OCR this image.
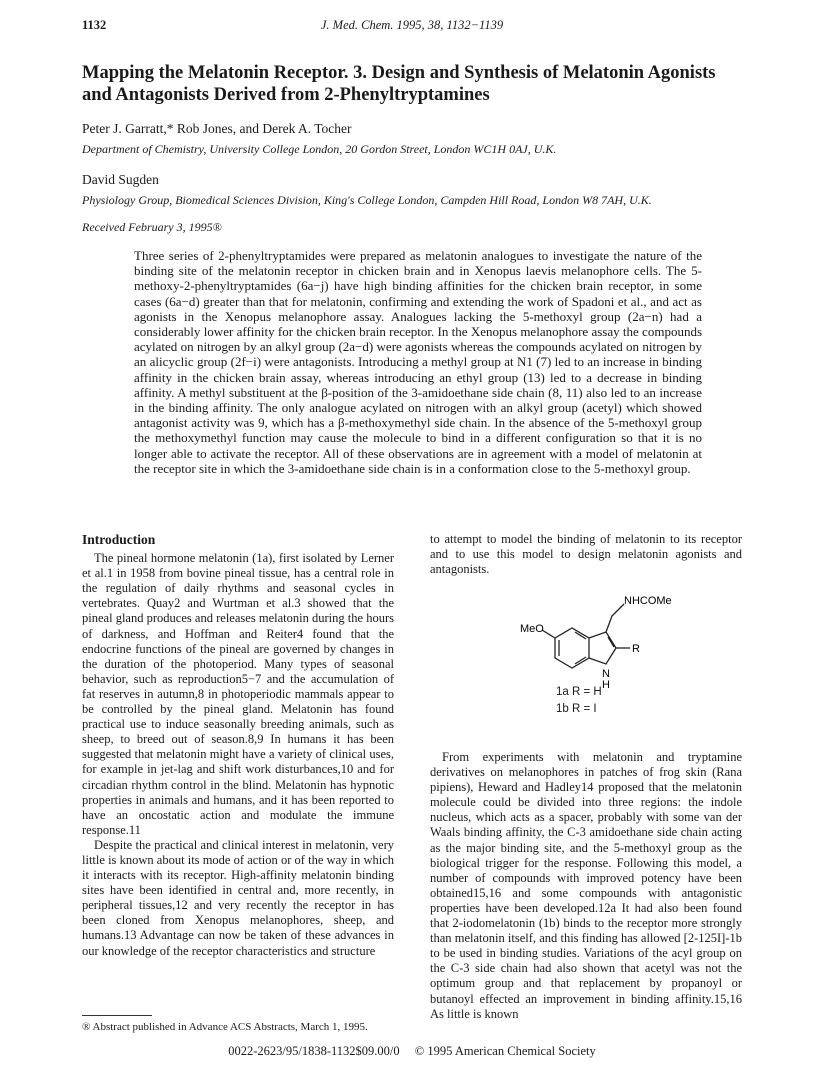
1132	J. Med. Chem. 1995, 38, 1132−1139
Mapping the Melatonin Receptor. 3. Design and Synthesis of Melatonin Agonists and Antagonists Derived from 2-Phenyltryptamines
Peter J. Garratt,* Rob Jones, and Derek A. Tocher
Department of Chemistry, University College London, 20 Gordon Street, London WC1H 0AJ, U.K.
David Sugden
Physiology Group, Biomedical Sciences Division, King's College London, Campden Hill Road, London W8 7AH, U.K.
Received February 3, 1995®

Three series of 2-phenyltryptamides were prepared as melatonin analogues to investigate the nature of the binding site of the melatonin receptor in chicken brain and in Xenopus laevis melanophore cells. The 5-methoxy-2-phenyltryptamides (6a−j) have high binding affinities for the chicken brain receptor, in some cases (6a−d) greater than that for melatonin, confirming and extending the work of Spadoni et al., and act as agonists in the Xenopus melanophore assay. Analogues lacking the 5-methoxyl group (2a−n) had a considerably lower affinity for the chicken brain receptor. In the Xenopus melanophore assay the compounds acylated on nitrogen by an alkyl group (2a−d) were agonists whereas the compounds acylated on nitrogen by an alicyclic group (2f−i) were antagonists. Introducing a methyl group at N1 (7) led to an increase in binding affinity in the chicken brain assay, whereas introducing an ethyl group (13) led to a decrease in binding affinity. A methyl substituent at the β-position of the 3-amidoethane side chain (8, 11) also led to an increase in the binding affinity. The only analogue acylated on nitrogen with an alkyl group (acetyl) which showed antagonist activity was 9, which has a β-methoxymethyl side chain. In the absence of the 5-methoxyl group the methoxymethyl function may cause the molecule to bind in a different configuration so that it is no longer able to activate the receptor. All of these observations are in agreement with a model of melatonin at the receptor site in which the 3-amidoethane side chain is in a conformation close to the 5-methoxyl group.

Introduction

The pineal hormone melatonin (1a), first isolated by Lerner et al.1 in 1958 from bovine pineal tissue, has a central role in the regulation of daily rhythms and seasonal cycles in vertebrates. Quay2 and Wurtman et al.3 showed that the pineal gland produces and releases melatonin during the hours of darkness, and Hoffman and Reiter4 found that the endocrine functions of the pineal are governed by changes in the duration of the photoperiod. Many types of seasonal behavior, such as reproduction5−7 and the accumulation of fat reserves in autumn,8 in photoperiodic mammals appear to be controlled by the pineal gland. Melatonin has found practical use to induce seasonally breeding animals, such as sheep, to breed out of season.8,9 In humans it has been suggested that melatonin might have a variety of clinical uses, for example in jet-lag and shift work disturbances,10 and for circadian rhythm control in the blind. Melatonin has hypnotic properties in animals and humans, and it has been reported to have an oncostatic action and modulate the immune response.11

Despite the practical and clinical interest in melatonin, very little is known about its mode of action or of the way in which it interacts with its receptor. High-affinity melatonin binding sites have been identified in central and, more recently, in peripheral tissues,12 and very recently the receptor in has been cloned from Xenopus melanophores, sheep, and humans.13 Advantage can now be taken of these advances in our knowledge of the receptor characteristics and structure

to attempt to model the binding of melatonin to its receptor and to use this model to design melatonin agonists and antagonists.

NHCOMe
MeO
R
N
H
1a R = H
1b R = I

From experiments with melatonin and tryptamine derivatives on melanophores in patches of frog skin (Rana pipiens), Heward and Hadley14 proposed that the melatonin molecule could be divided into three regions: the indole nucleus, which acts as a spacer, probably with some van der Waals binding affinity, the C-3 amidoethane side chain acting as the major binding site, and the 5-methoxyl group as the biological trigger for the response. Following this model, a number of compounds with improved potency have been obtained15,16 and some compounds with antagonistic properties have been developed.12a It had also been found that 2-iodomelatonin (1b) binds to the receptor more strongly than melatonin itself, and this finding has allowed [2-125I]-1b to be used in binding studies. Variations of the acyl group on the C-3 side chain had also shown that acetyl was not the optimum group and that replacement by propanoyl or butanoyl effected an improvement in binding affinity.15,16 As little is known

® Abstract published in Advance ACS Abstracts, March 1, 1995.
0022-2623/95/1838-1132$09.00/0 © 1995 American Chemical Society
